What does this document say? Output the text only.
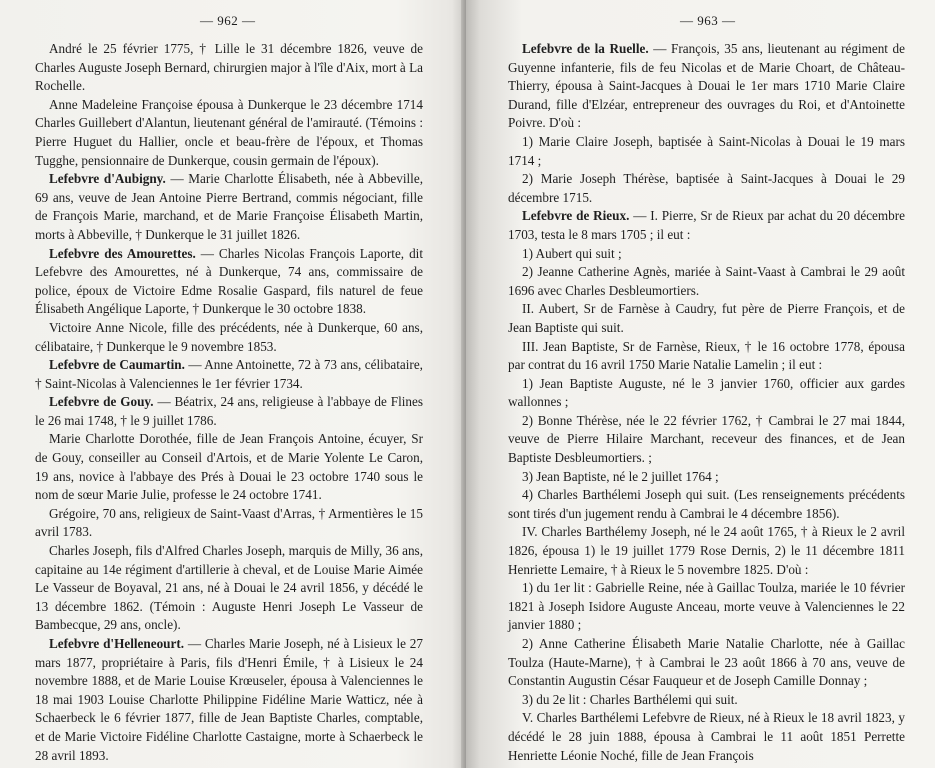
— 962 —

André le 25 février 1775, † Lille le 31 décembre 1826, veuve de Charles Auguste Joseph Bernard, chirurgien major à l'île d'Aix, mort à La Rochelle.

Anne Madeleine Françoise épousa à Dunkerque le 23 décembre 1714 Charles Guillebert d'Alantun, lieutenant général de l'amirauté. (Témoins : Pierre Huguet du Hallier, oncle et beau-frère de l'époux, et Thomas Tugghe, pensionnaire de Dunkerque, cousin germain de l'époux).

Lefebvre d'Aubigny. — Marie Charlotte Élisabeth, née à Abbeville, 69 ans, veuve de Jean Antoine Pierre Bertrand, commis négociant, fille de François Marie, marchand, et de Marie Françoise Élisabeth Martin, morts à Abbeville, † Dunkerque le 31 juillet 1826.

Lefebvre des Amourettes. — Charles Nicolas François Laporte, dit Lefebvre des Amourettes, né à Dunkerque, 74 ans, commissaire de police, époux de Victoire Edme Rosalie Gaspard, fils naturel de feue Élisabeth Angélique Laporte, † Dunkerque le 30 octobre 1838.

Victoire Anne Nicole, fille des précédents, née à Dunkerque, 60 ans, célibataire, † Dunkerque le 9 novembre 1853.

Lefebvre de Caumartin. — Anne Antoinette, 72 à 73 ans, célibataire, † Saint-Nicolas à Valenciennes le 1er février 1734.

Lefebvre de Gouy. — Béatrix, 24 ans, religieuse à l'abbaye de Flines le 26 mai 1748, † le 9 juillet 1786.

Marie Charlotte Dorothée, fille de Jean François Antoine, écuyer, Sr de Gouy, conseiller au Conseil d'Artois, et de Marie Yolente Le Caron, 19 ans, novice à l'abbaye des Prés à Douai le 23 octobre 1740 sous le nom de sœur Marie Julie, professe le 24 octobre 1741.

Grégoire, 70 ans, religieux de Saint-Vaast d'Arras, † Armentières le 15 avril 1783.

Charles Joseph, fils d'Alfred Charles Joseph, marquis de Milly, 36 ans, capitaine au 14e régiment d'artillerie à cheval, et de Louise Marie Aimée Le Vasseur de Boyaval, 21 ans, né à Douai le 24 avril 1856, y décédé le 13 décembre 1862. (Témoin : Auguste Henri Joseph Le Vasseur de Bambecque, 29 ans, oncle).

Lefebvre d'Helleneourt. — Charles Marie Joseph, né à Lisieux le 27 mars 1877, propriétaire à Paris, fils d'Henri Émile, † à Lisieux le 24 novembre 1888, et de Marie Louise Krœuseler, épousa à Valenciennes le 18 mai 1903 Louise Charlotte Philippine Fidéline Marie Watticz, née à Schaerbeck le 6 février 1877, fille de Jean Baptiste Charles, comptable, et de Marie Victoire Fidéline Charlotte Castaigne, morte à Schaerbeck le 28 avril 1893.

— 963 —

Lefebvre de la Ruelle. — François, 35 ans, lieutenant au régiment de Guyenne infanterie, fils de feu Nicolas et de Marie Choart, de Château-Thierry, épousa à Saint-Jacques à Douai le 1er mars 1710 Marie Claire Durand, fille d'Elzéar, entrepreneur des ouvrages du Roi, et d'Antoinette Poivre. D'où :

1) Marie Claire Joseph, baptisée à Saint-Nicolas à Douai le 19 mars 1714 ;

2) Marie Joseph Thérèse, baptisée à Saint-Jacques à Douai le 29 décembre 1715.

Lefebvre de Rieux. — I. Pierre, Sr de Rieux par achat du 20 décembre 1703, testa le 8 mars 1705 ; il eut :

1) Aubert qui suit ;

2) Jeanne Catherine Agnès, mariée à Saint-Vaast à Cambrai le 29 août 1696 avec Charles Desbleumortiers.

II. Aubert, Sr de Farnèse à Caudry, fut père de Pierre François, et de Jean Baptiste qui suit.

III. Jean Baptiste, Sr de Farnèse, Rieux, † le 16 octobre 1778, épousa par contrat du 16 avril 1750 Marie Natalie Lamelin ; il eut :

1) Jean Baptiste Auguste, né le 3 janvier 1760, officier aux gardes wallonnes ;

2) Bonne Thérèse, née le 22 février 1762, † Cambrai le 27 mai 1844, veuve de Pierre Hilaire Marchant, receveur des finances, et de Jean Baptiste Desbleumortiers. ;

3) Jean Baptiste, né le 2 juillet 1764 ;

4) Charles Barthélemi Joseph qui suit. (Les renseignements précédents sont tirés d'un jugement rendu à Cambrai le 4 décembre 1856).

IV. Charles Barthélemy Joseph, né le 24 août 1765, † à Rieux le 2 avril 1826, épousa 1) le 19 juillet 1779 Rose Dernis, 2) le 11 décembre 1811 Henriette Lemaire, † à Rieux le 5 novembre 1825. D'où :

1) du 1er lit : Gabrielle Reine, née à Gaillac Toulza, mariée le 10 février 1821 à Joseph Isidore Auguste Anceau, morte veuve à Valenciennes le 22 janvier 1880 ;

2) Anne Catherine Élisabeth Marie Natalie Charlotte, née à Gaillac Toulza (Haute-Marne), † à Cambrai le 23 août 1866 à 70 ans, veuve de Constantin Augustin César Fauqueur et de Joseph Camille Donnay ;

3) du 2e lit : Charles Barthélemi qui suit.

V. Charles Barthélemi Lefebvre de Rieux, né à Rieux le 18 avril 1823, y décédé le 28 juin 1888, épousa à Cambrai le 11 août 1851 Perrette Henriette Léonie Noché, fille de Jean François
